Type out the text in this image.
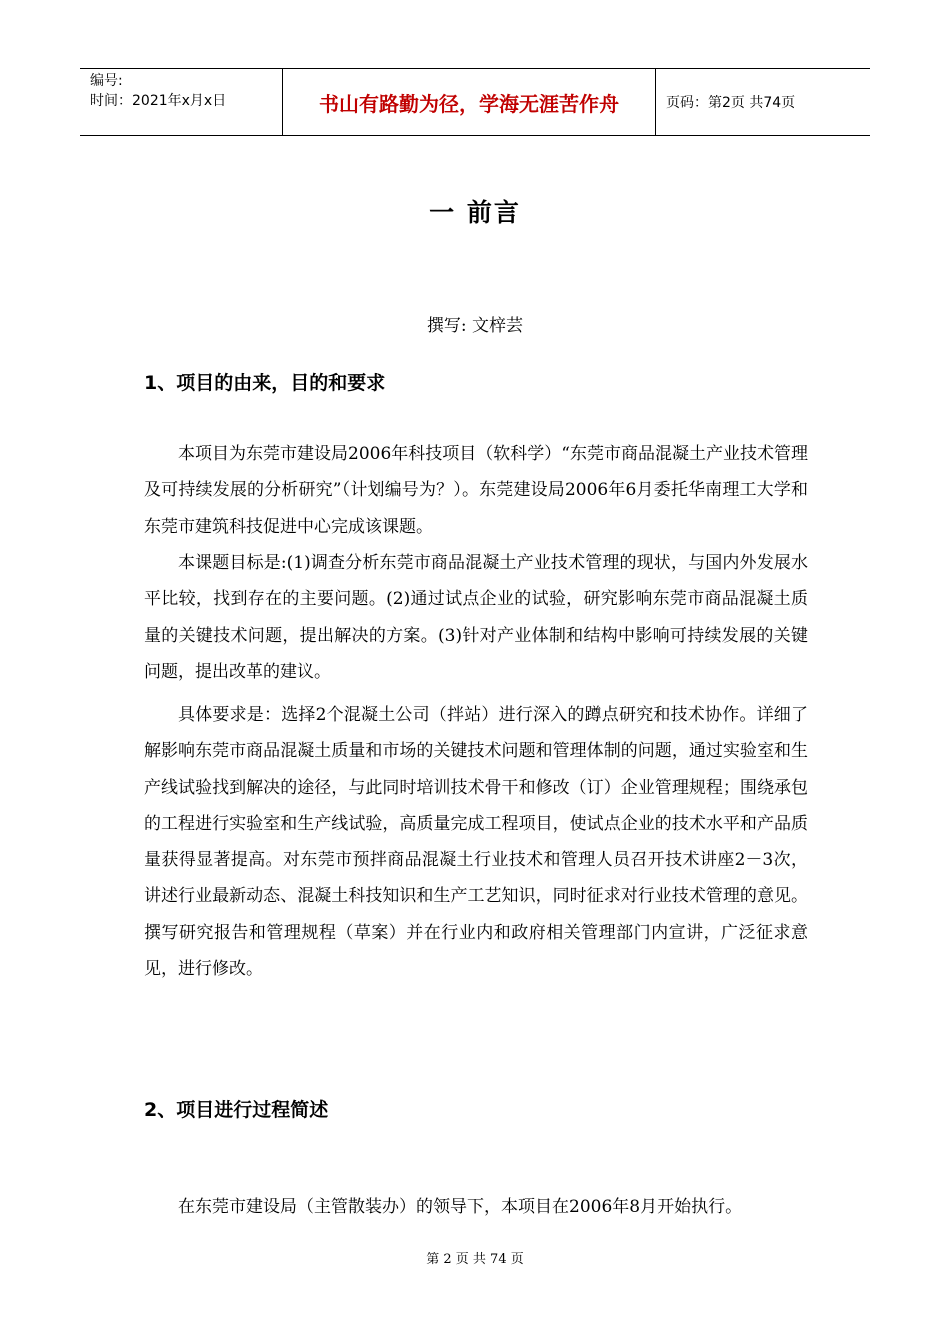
编号:
时间：2021年x月x日	书山有路勤为径，学海无涯苦作舟	页码：第2页 共74页
一 前言
撰写: 文梓芸
1、项目的由来，目的和要求

本项目为东莞市建设局2006年科技项目（软科学）“东莞市商品混凝土产业技术管理及可持续发展的分析研究”（计划编号为？）。东莞建设局2006年6月委托华南理工大学和东莞市建筑科技促进中心完成该课题。

本课题目标是:(1)调查分析东莞市商品混凝土产业技术管理的现状，与国内外发展水平比较，找到存在的主要问题。(2)通过试点企业的试验，研究影响东莞市商品混凝土质量的关键技术问题，提出解决的方案。(3)针对产业体制和结构中影响可持续发展的关键问题，提出改革的建议。

具体要求是：选择2个混凝土公司（拌站）进行深入的蹲点研究和技术协作。详细了解影响东莞市商品混凝土质量和市场的关键技术问题和管理体制的问题，通过实验室和生产线试验找到解决的途径，与此同时培训技术骨干和修改（订）企业管理规程；围绕承包的工程进行实验室和生产线试验，高质量完成工程项目，使试点企业的技术水平和产品质量获得显著提高。对东莞市预拌商品混凝土行业技术和管理人员召开技术讲座2－3次，讲述行业最新动态、混凝土科技知识和生产工艺知识，同时征求对行业技术管理的意见。撰写研究报告和管理规程（草案）并在行业内和政府相关管理部门内宣讲，广泛征求意见，进行修改。

2、项目进行过程简述

在东莞市建设局（主管散装办）的领导下，本项目在2006年8月开始执行。

第 2 页 共 74 页
